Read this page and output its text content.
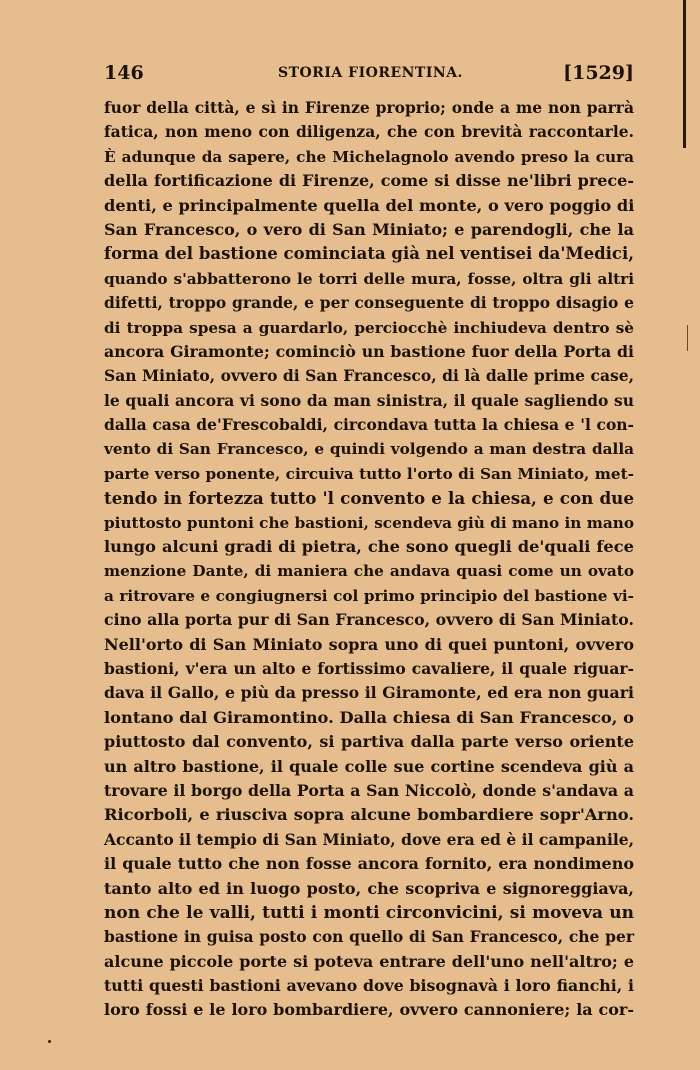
146	STORIA FIORENTINA.	[1529]
fuor della città, e sì in Firenze proprio; onde a me non parrà
fatica, non meno con diligenza, che con brevità raccontarle.
È adunque da sapere, che Michelagnolo avendo preso la cura
della fortificazione di Firenze, come si disse ne'libri prece-
denti, e principalmente quella del monte, o vero poggio di
San Francesco, o vero di San Miniato; e parendogli, che la
forma del bastione cominciata già nel ventisei da'Medici,
quando s'abbatterono le torri delle mura, fosse, oltra gli altri
difetti, troppo grande, e per conseguente di troppo disagio e
di troppa spesa a guardarlo, perciocchè inchiudeva dentro sè
ancora Giramonte; cominciò un bastione fuor della Porta di
San Miniato, ovvero di San Francesco, di là dalle prime case,
le quali ancora vi sono da man sinistra, il quale sagliendo su
dalla casa de'Frescobaldi, circondava tutta la chiesa e 'l con-
vento di San Francesco, e quindi volgendo a man destra dalla
parte verso ponente, circuiva tutto l'orto di San Miniato, met-
tendo in fortezza tutto 'l convento e la chiesa, e con due
piuttosto puntoni che bastioni, scendeva giù di mano in mano
lungo alcuni gradi di pietra, che sono quegli de'quali fece
menzione Dante, di maniera che andava quasi come un ovato
a ritrovare e congiugnersi col primo principio del bastione vi-
cino alla porta pur di San Francesco, ovvero di San Miniato.
Nell'orto di San Miniato sopra uno di quei puntoni, ovvero
bastioni, v'era un alto e fortissimo cavaliere, il quale riguar-
dava il Gallo, e più da presso il Giramonte, ed era non guari
lontano dal Giramontino. Dalla chiesa di San Francesco, o
piuttosto dal convento, si partiva dalla parte verso oriente
un altro bastione, il quale colle sue cortine scendeva giù a
trovare il borgo della Porta a San Niccolò, donde s'andava a
Ricorboli, e riusciva sopra alcune bombardiere sopr'Arno.
Accanto il tempio di San Miniato, dove era ed è il campanile,
il quale tutto che non fosse ancora fornito, era nondimeno
tanto alto ed in luogo posto, che scopriva e signoreggiava,
non che le valli, tutti i monti circonvicini, si moveva un
bastione in guisa posto con quello di San Francesco, che per
alcune piccole porte si poteva entrare dell'uno nell'altro; e
tutti questi bastioni avevano dove bisognavà i loro fianchi, i
loro fossi e le loro bombardiere, ovvero cannoniere; la cor-
